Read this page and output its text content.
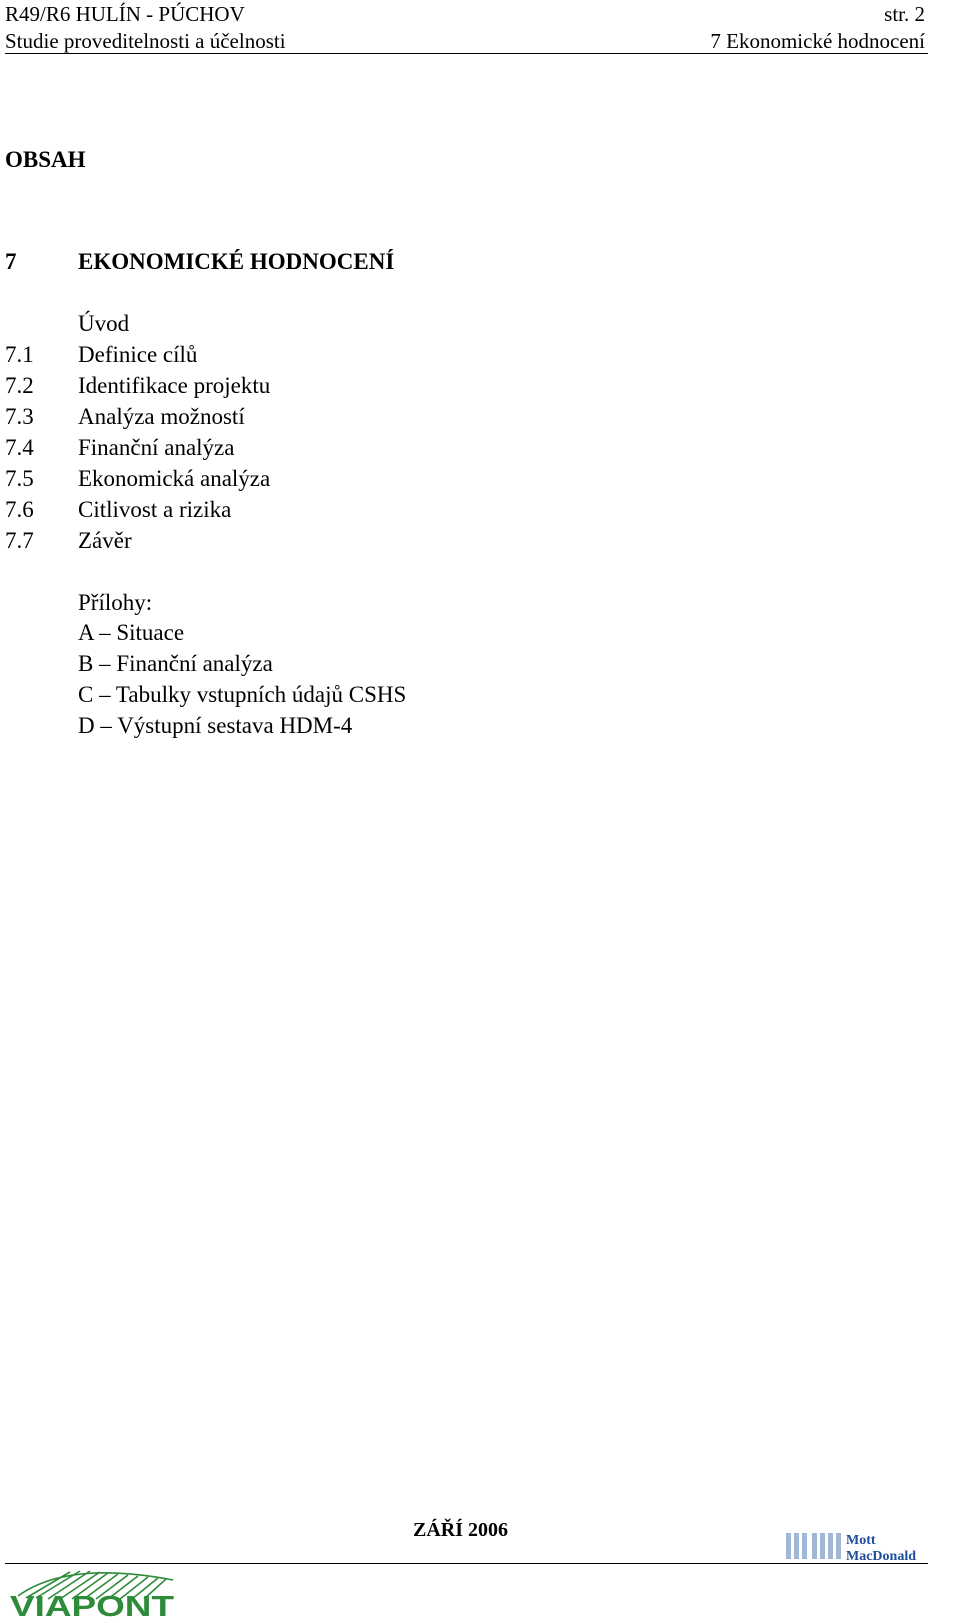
R49/R6 HULÍN - PÚCHOV	str. 2
Studie proveditelnosti a účelnosti	7 Ekonomické hodnocení
OBSAH
7	EKONOMICKÉ HODNOCENÍ
Úvod
7.1 Definice cílů
7.2 Identifikace projektu
7.3 Analýza možností
7.4 Finanční analýza
7.5 Ekonomická analýza
7.6 Citlivost a rizika
7.7 Závěr
Přílohy:
A – Situace
B – Finanční analýza
C – Tabulky vstupních údajů CSHS
D – Výstupní sestava HDM-4
VIAPONT
ZÁŘÍ 2006	Mott
MacDonald
